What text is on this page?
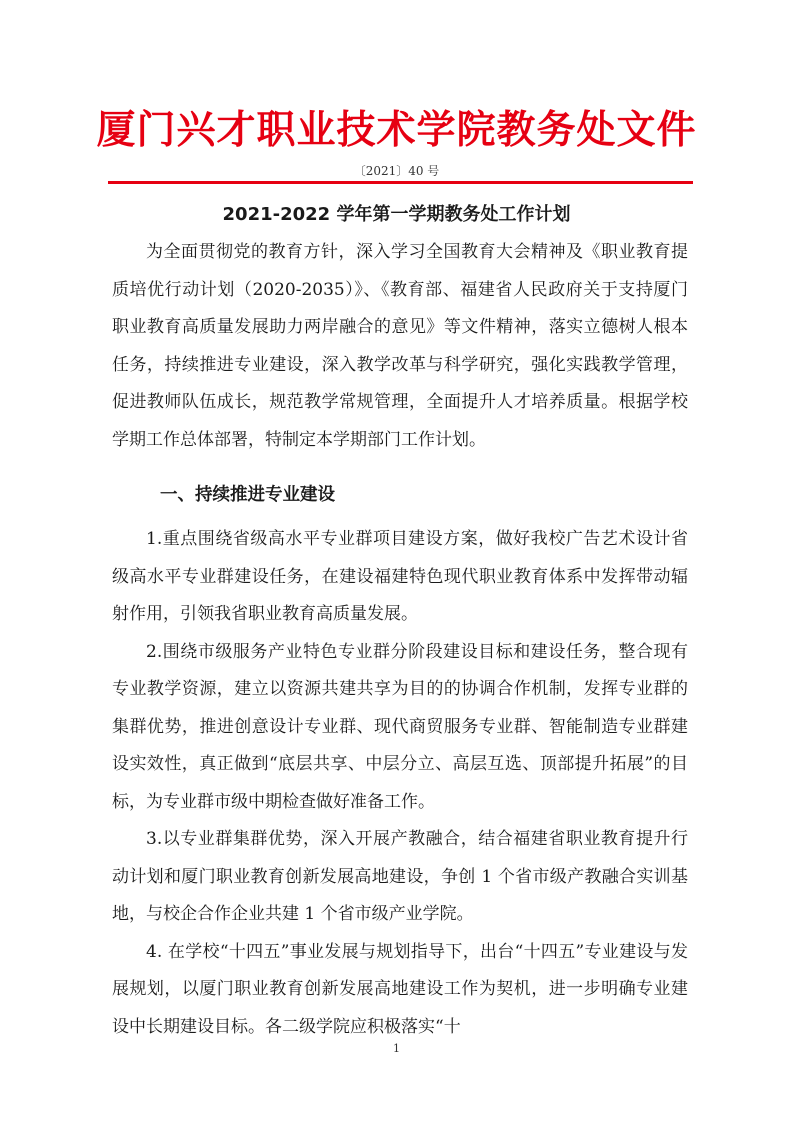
厦门兴才职业技术学院教务处文件
〔2021〕40 号
2021-2022 学年第一学期教务处工作计划

为全面贯彻党的教育方针，深入学习全国教育大会精神及《职业教育提质培优行动计划（2020-2035）》、《教育部、福建省人民政府关于支持厦门职业教育高质量发展助力两岸融合的意见》等文件精神，落实立德树人根本任务，持续推进专业建设，深入教学改革与科学研究，强化实践教学管理，促进教师队伍成长，规范教学常规管理，全面提升人才培养质量。根据学校学期工作总体部署，特制定本学期部门工作计划。

一、持续推进专业建设

1.重点围绕省级高水平专业群项目建设方案，做好我校广告艺术设计省级高水平专业群建设任务，在建设福建特色现代职业教育体系中发挥带动辐射作用，引领我省职业教育高质量发展。

2.围绕市级服务产业特色专业群分阶段建设目标和建设任务，整合现有专业教学资源，建立以资源共建共享为目的的协调合作机制，发挥专业群的集群优势，推进创意设计专业群、现代商贸服务专业群、智能制造专业群建设实效性，真正做到“底层共享、中层分立、高层互选、顶部提升拓展”的目标，为专业群市级中期检查做好准备工作。

3.以专业群集群优势，深入开展产教融合，结合福建省职业教育提升行动计划和厦门职业教育创新发展高地建设，争创 1 个省市级产教融合实训基地，与校企合作企业共建 1 个省市级产业学院。

4. 在学校“十四五”事业发展与规划指导下，出台“十四五”专业建设与发展规划，以厦门职业教育创新发展高地建设工作为契机，进一步明确专业建设中长期建设目标。各二级学院应积极落实“十

1
